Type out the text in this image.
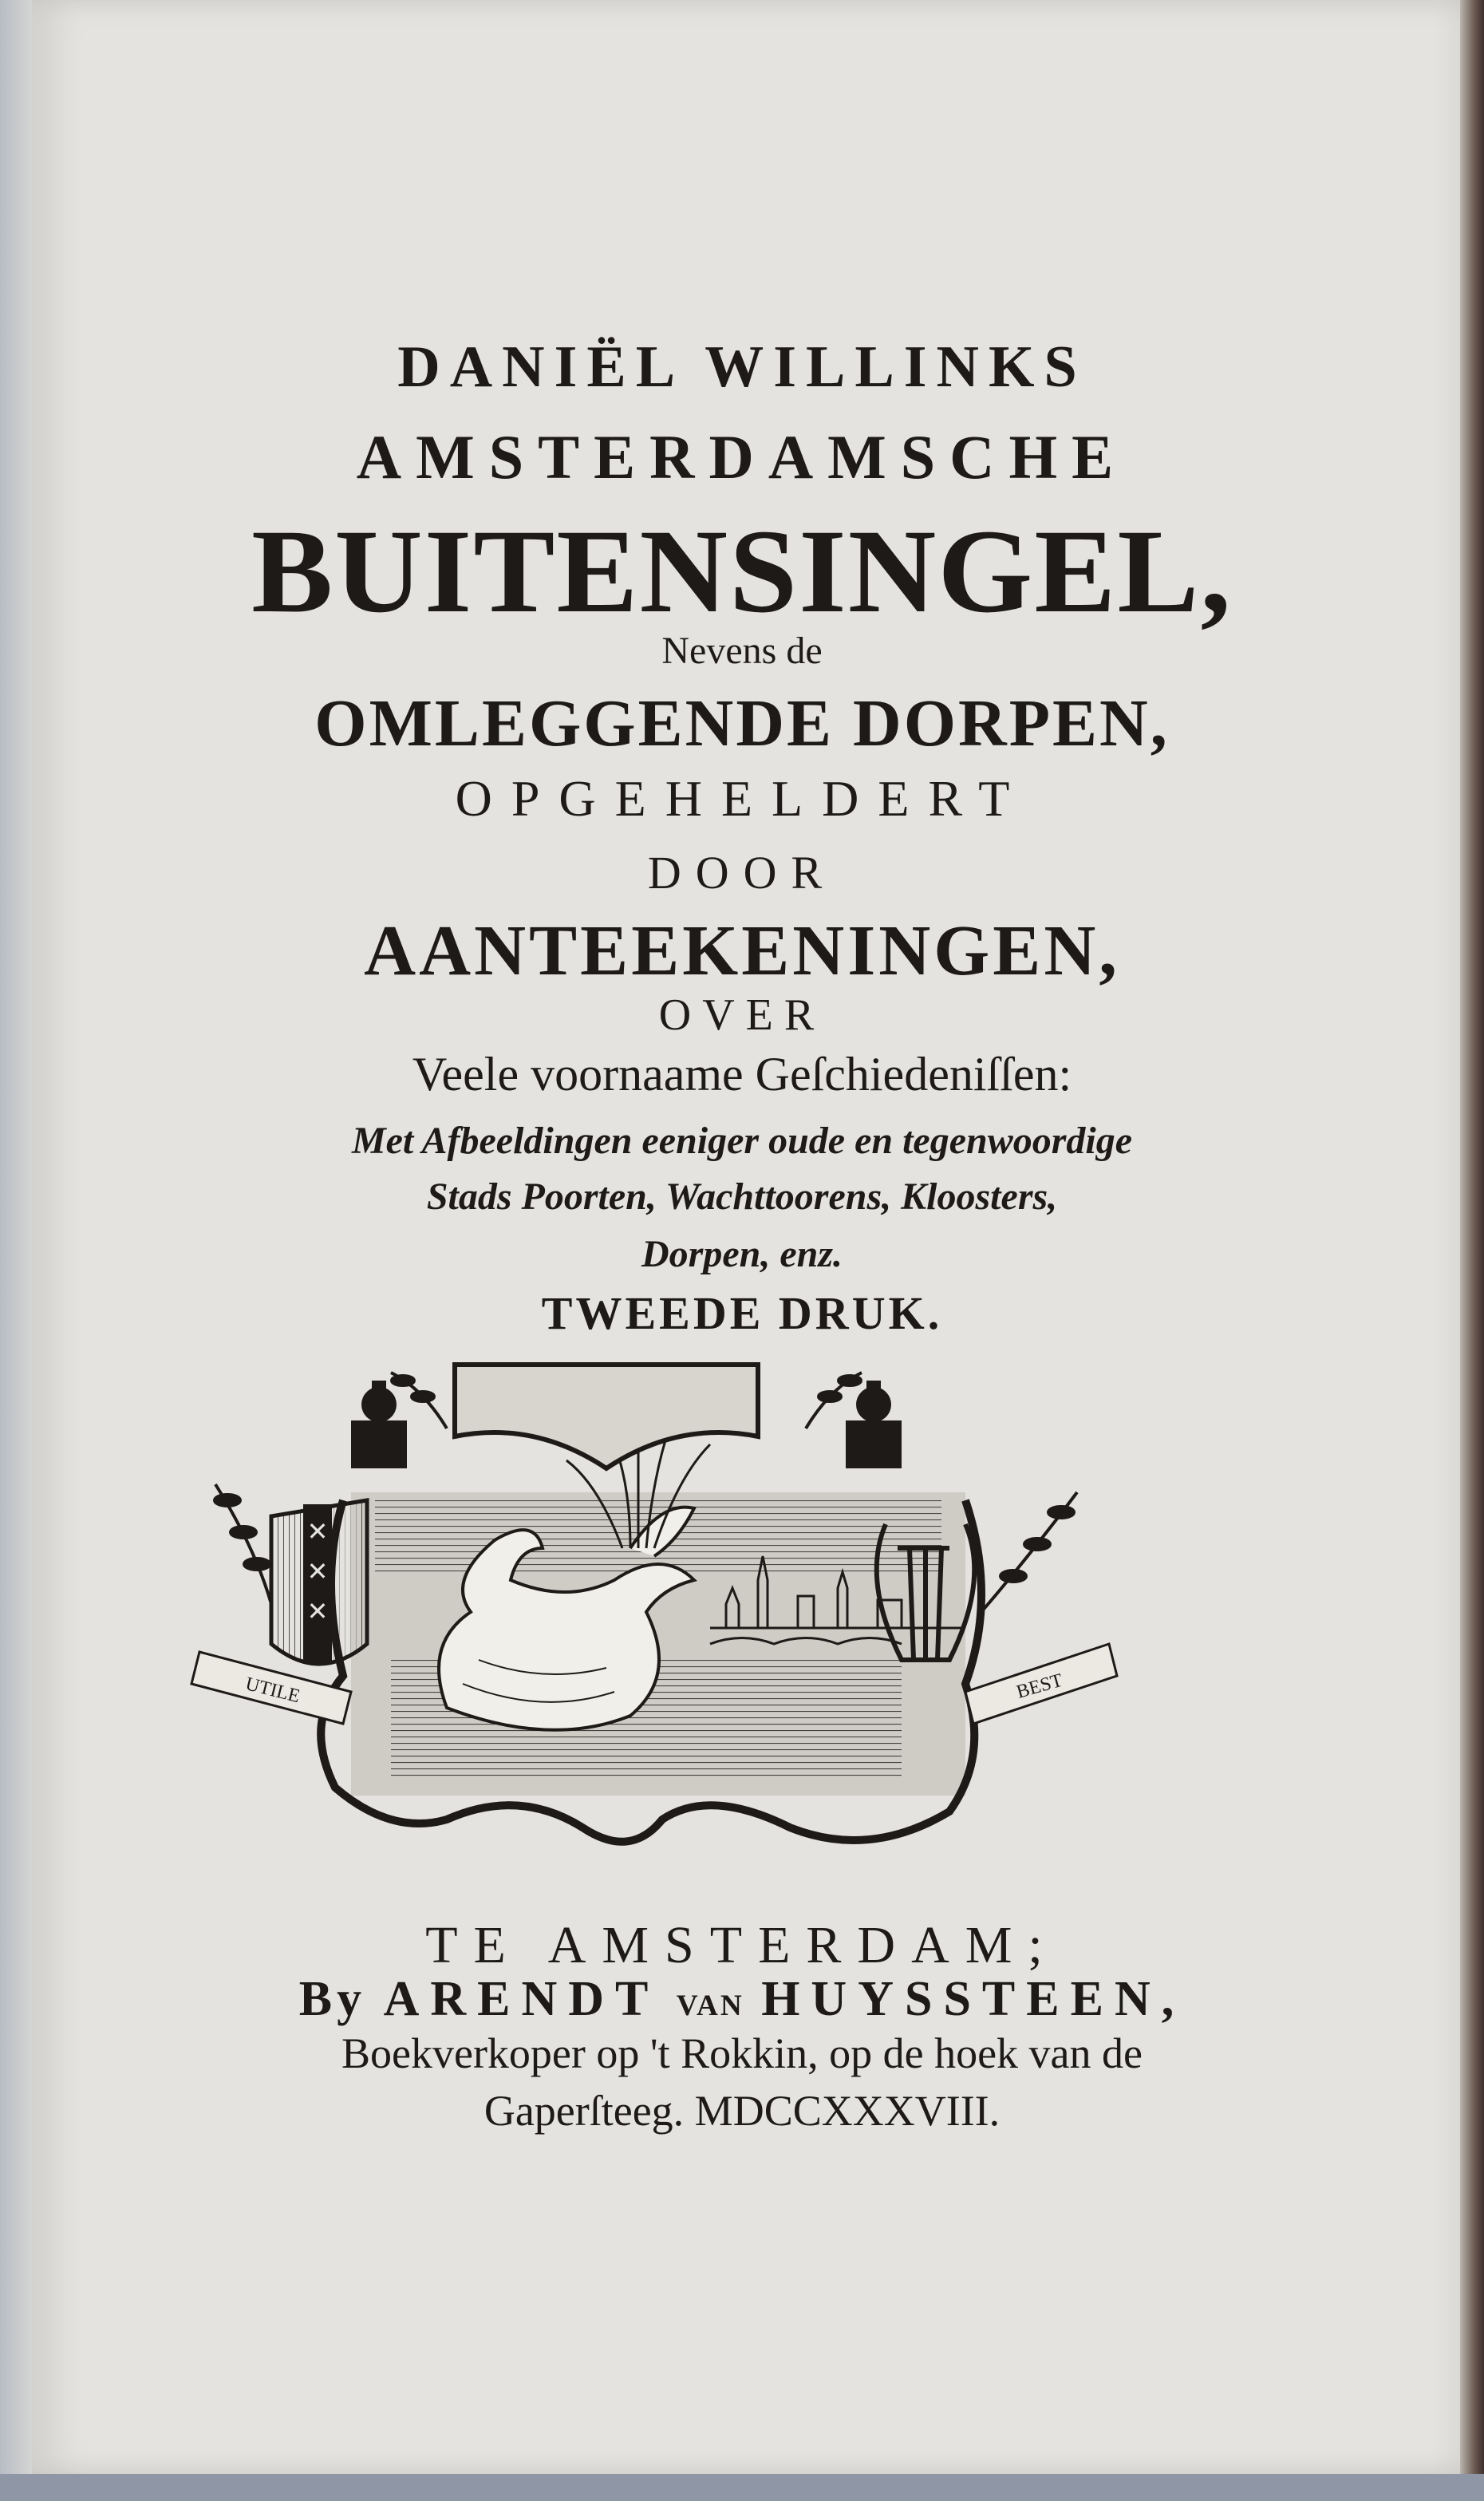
DANIËL WILLINKS
AMSTERDAMSCHE
BUITENSINGEL,
Nevens de
OMLEGGENDE DORPEN,
OPGEHELDERT
DOOR
AANTEEKENINGEN,
OVER
Veele voornaame Geſchiedeniſſen:
Met Afbeeldingen eeniger oude en tegenwoordige
Stads Poorten, Wachttoorens, Kloosters,
Dorpen, enz.
TWEEDE DRUK.
✕
✕
✕
UTILE	BEST
TE AMSTERDAM;
By ARENDT VAN HUYSSTEEN,
Boekverkoper op 't Rokkin, op de hoek van de
Gaperſteeg. MDCCXXXVIII.
